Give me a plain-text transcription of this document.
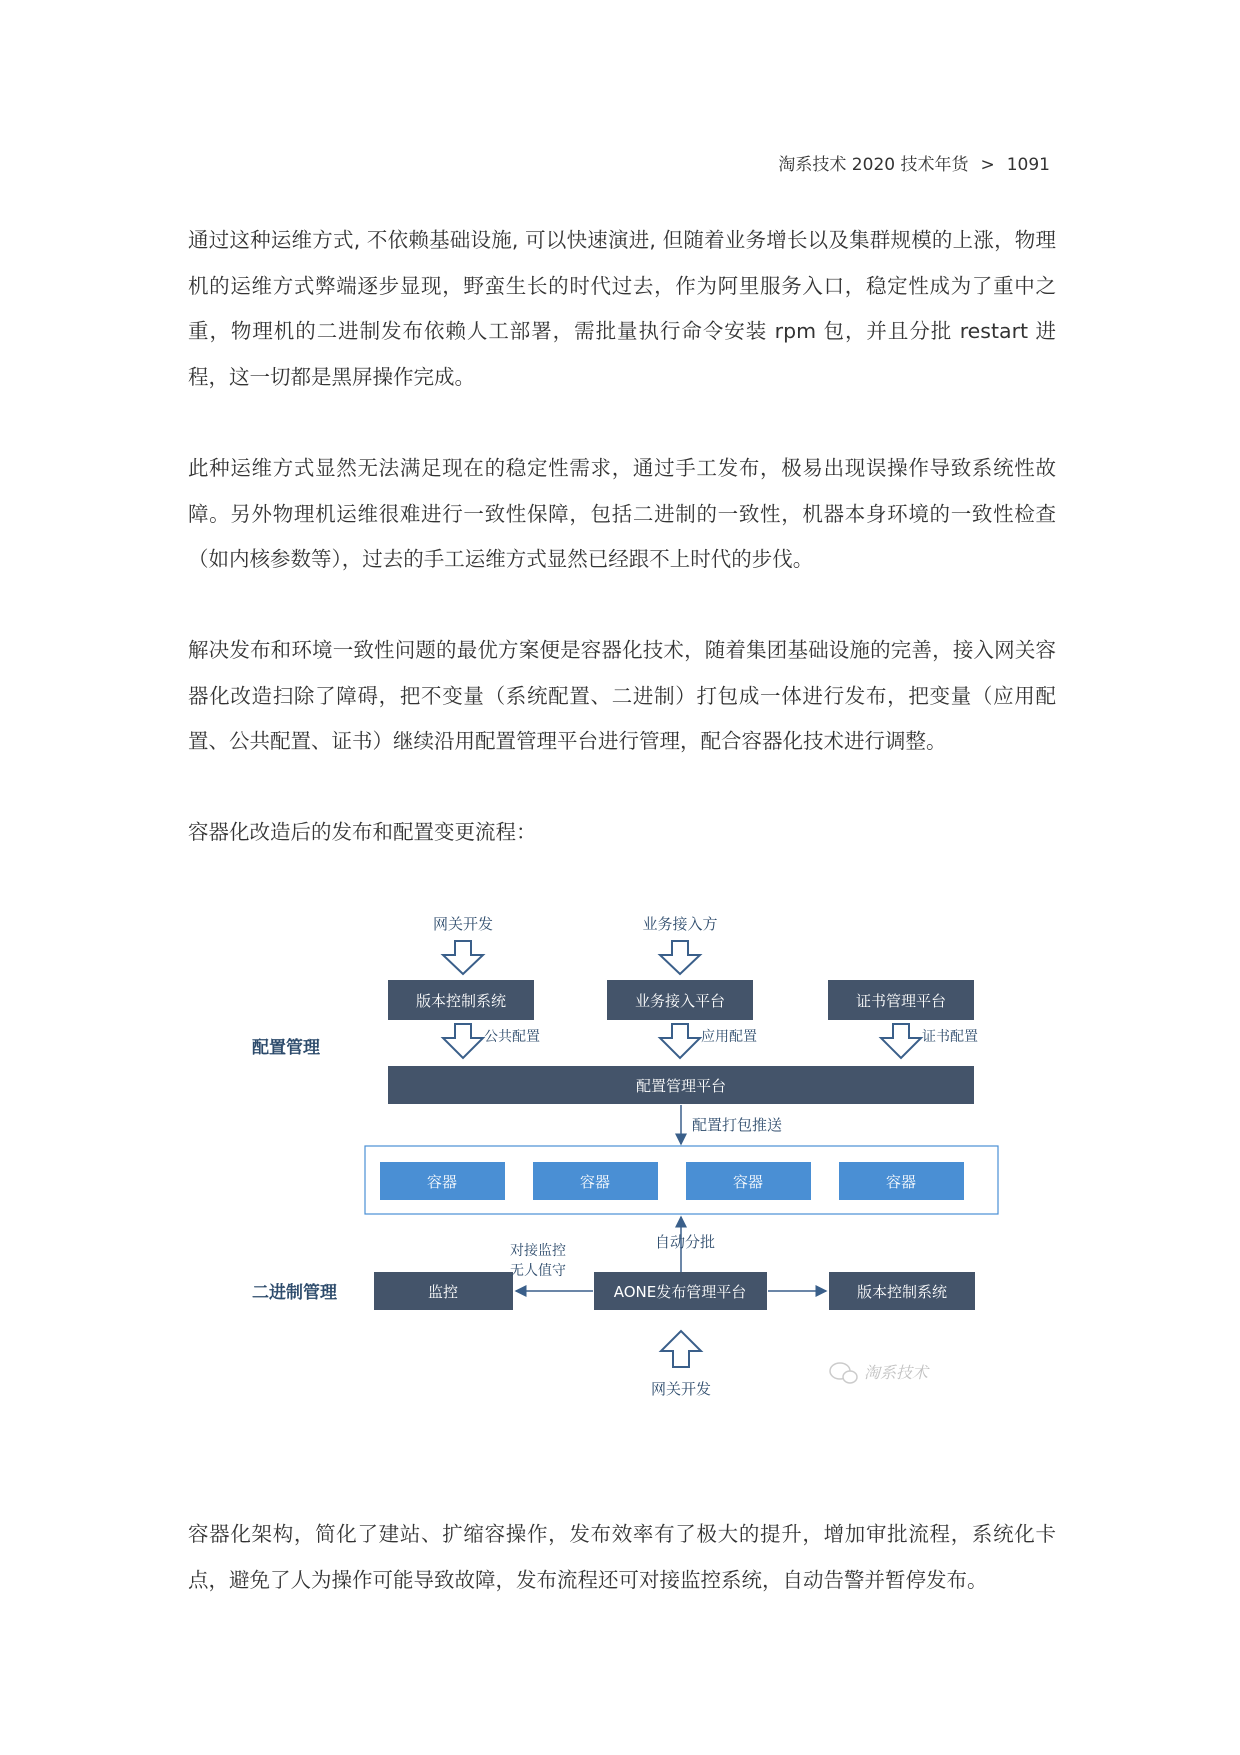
淘系技术 2020 技术年货 > 1091

通过这种运维方式, 不依赖基础设施, 可以快速演进, 但随着业务增长以及集群规模的上涨，物理机的运维方式弊端逐步显现，野蛮生长的时代过去，作为阿里服务入口，稳定性成为了重中之重，物理机的二进制发布依赖人工部署，需批量执行命令安装 rpm 包，并且分批 restart 进程，这一切都是黑屏操作完成。

此种运维方式显然无法满足现在的稳定性需求，通过手工发布，极易出现误操作导致系统性故障。另外物理机运维很难进行一致性保障，包括二进制的一致性，机器本身环境的一致性检查（如内核参数等），过去的手工运维方式显然已经跟不上时代的步伐。

解决发布和环境一致性问题的最优方案便是容器化技术，随着集团基础设施的完善，接入网关容器化改造扫除了障碍，把不变量（系统配置、二进制）打包成一体进行发布，把变量（应用配置、公共配置、证书）继续沿用配置管理平台进行管理，配合容器化技术进行调整。

容器化改造后的发布和配置变更流程：

网关开发	业务接入方
版本控制系统	业务接入平台	证书管理平台
公共配置	应用配置	证书配置
配置管理
配置管理平台
配置打包推送
容器	容器	容器	容器
自动分批
二进制管理	监控	AONE发布管理平台	版本控制系统
对接监控
无人值守
网关开发
淘系技术

容器化架构，简化了建站、扩缩容操作，发布效率有了极大的提升，增加审批流程，系统化卡点，避免了人为操作可能导致故障，发布流程还可对接监控系统，自动告警并暂停发布。
